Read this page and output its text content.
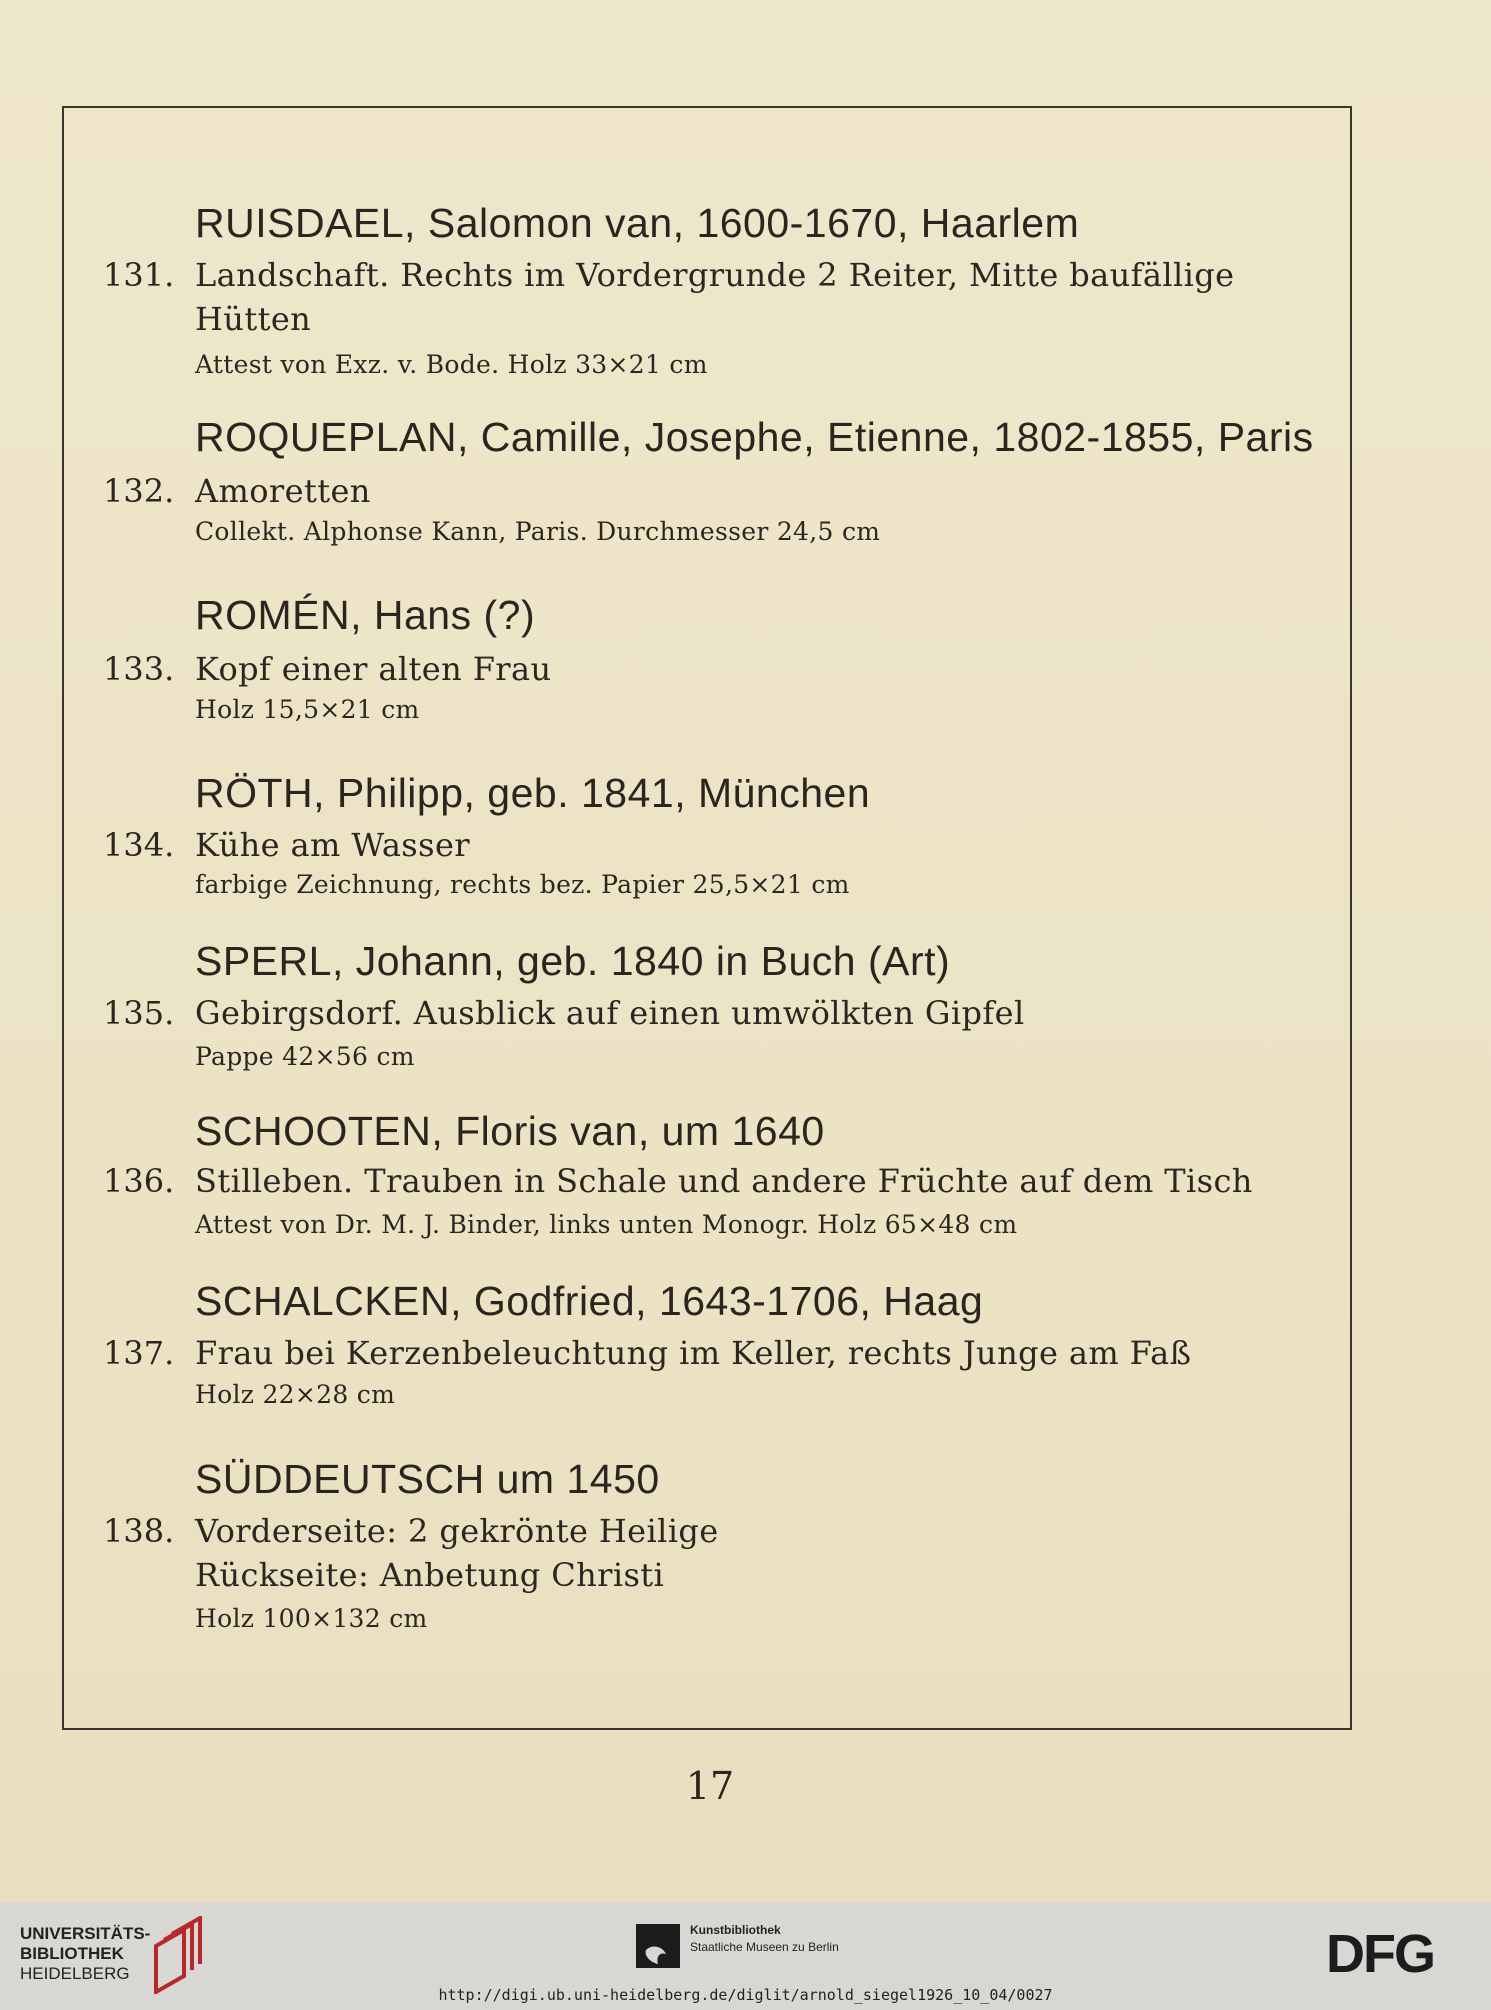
RUISDAEL, Salomon van, 1600-1670, Haarlem
131. Landschaft. Rechts im Vordergrunde 2 Reiter, Mitte baufällige
Hütten
Attest von Exz. v. Bode. Holz 33×21 cm
ROQUEPLAN, Camille, Josephe, Etienne, 1802-1855, Paris
132. Amoretten
Collekt. Alphonse Kann, Paris. Durchmesser 24,5 cm
ROMÉN, Hans (?)
133. Kopf einer alten Frau
Holz 15,5×21 cm
RÖTH, Philipp, geb. 1841, München
134. Kühe am Wasser
farbige Zeichnung, rechts bez. Papier 25,5×21 cm
SPERL, Johann, geb. 1840 in Buch (Art)
135. Gebirgsdorf. Ausblick auf einen umwölkten Gipfel
Pappe 42×56 cm
SCHOOTEN, Floris van, um 1640
136. Stilleben. Trauben in Schale und andere Früchte auf dem Tisch
Attest von Dr. M. J. Binder, links unten Monogr. Holz 65×48 cm
SCHALCKEN, Godfried, 1643-1706, Haag
137. Frau bei Kerzenbeleuchtung im Keller, rechts Junge am Faß
Holz 22×28 cm
SÜDDEUTSCH um 1450
138. Vorderseite: 2 gekrönte Heilige
Rückseite: Anbetung Christi
Holz 100×132 cm
17
UNIVERSITÄTS-
BIBLIOTHEK
HEIDELBERG
Kunstbibliothek
Staatliche Museen zu Berlin	DFG
http://digi.ub.uni-heidelberg.de/diglit/arnold_siegel1926_10_04/0027
